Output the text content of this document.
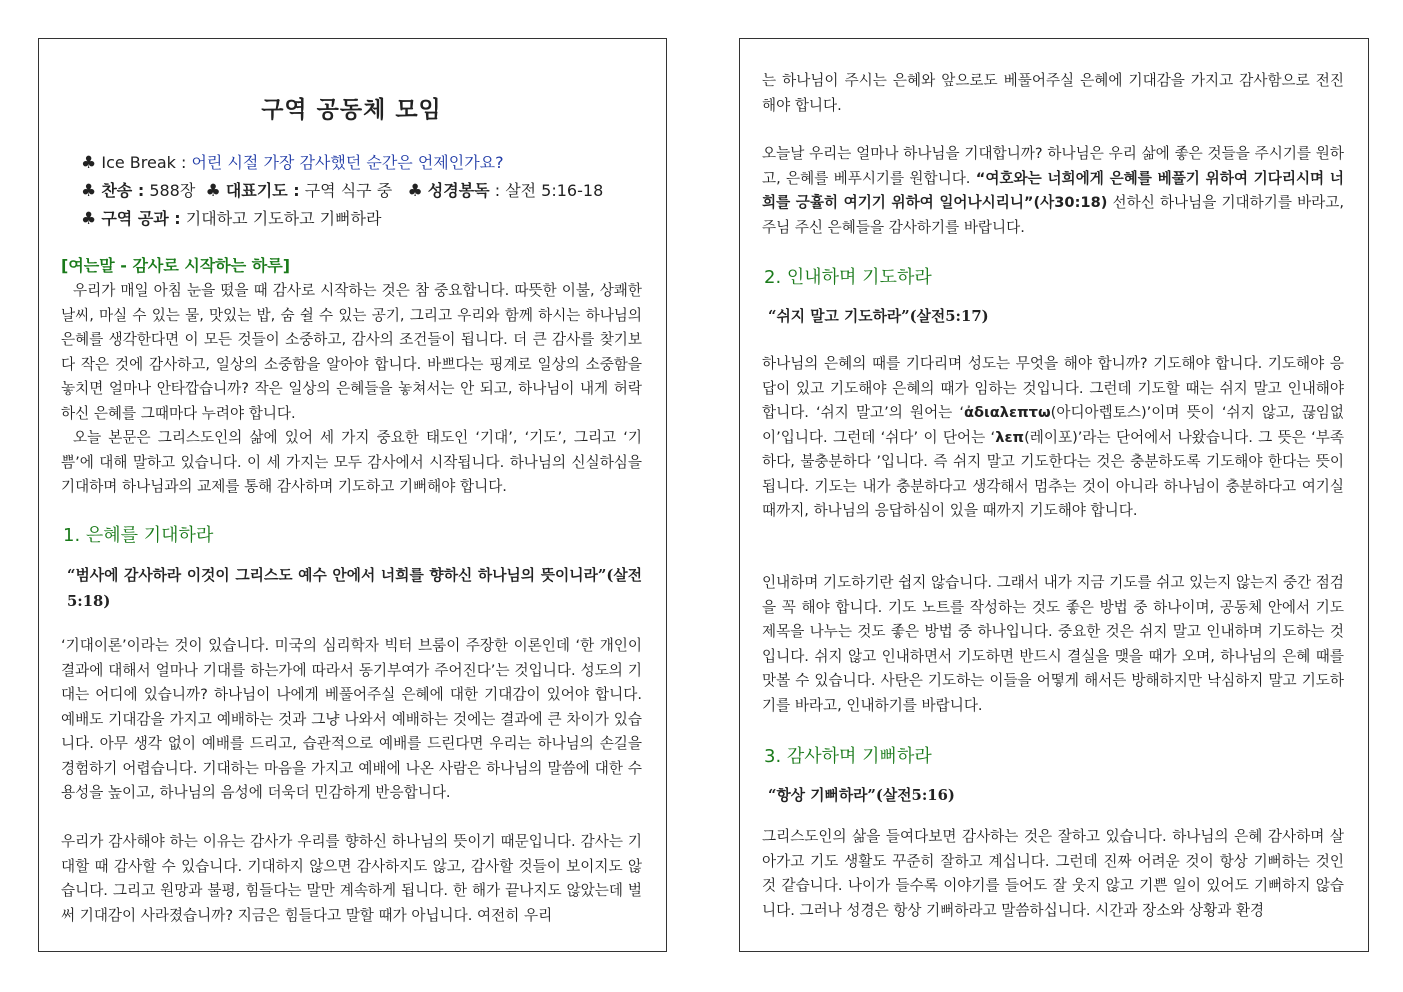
구역 공동체 모임
♣ Ice Break : 어린 시절 가장 감사했던 순간은 언제인가요?
♣ 찬송 : 588장 ♣ 대표기도 : 구역 식구 중 ♣ 성경봉독 : 살전 5:16-18
♣ 구역 공과 : 기대하고 기도하고 기뻐하라
[여는말 - 감사로 시작하는 하루]

우리가 매일 아침 눈을 떴을 때 감사로 시작하는 것은 참 중요합니다. 따뜻한 이불, 상쾌한 날씨, 마실 수 있는 물, 맛있는 밥, 숨 쉴 수 있는 공기, 그리고 우리와 함께 하시는 하나님의 은혜를 생각한다면 이 모든 것들이 소중하고, 감사의 조건들이 됩니다. 더 큰 감사를 찾기보다 작은 것에 감사하고, 일상의 소중함을 알아야 합니다. 바쁘다는 핑계로 일상의 소중함을 놓치면 얼마나 안타깝습니까? 작은 일상의 은혜들을 놓쳐서는 안 되고, 하나님이 내게 허락하신 은혜를 그때마다 누려야 합니다.

오늘 본문은 그리스도인의 삶에 있어 세 가지 중요한 태도인 ‘기대’, ‘기도’, 그리고 ‘기쁨’에 대해 말하고 있습니다. 이 세 가지는 모두 감사에서 시작됩니다. 하나님의 신실하심을 기대하며 하나님과의 교제를 통해 감사하며 기도하고 기뻐해야 합니다.

1. 은혜를 기대하라

“범사에 감사하라 이것이 그리스도 예수 안에서 너희를 향하신 하나님의 뜻이니라”(살전 5:18)

‘기대이론’이라는 것이 있습니다. 미국의 심리학자 빅터 브룸이 주장한 이론인데 ‘한 개인이 결과에 대해서 얼마나 기대를 하는가에 따라서 동기부여가 주어진다’는 것입니다. 성도의 기대는 어디에 있습니까? 하나님이 나에게 베풀어주실 은혜에 대한 기대감이 있어야 합니다. 예배도 기대감을 가지고 예배하는 것과 그냥 나와서 예배하는 것에는 결과에 큰 차이가 있습니다. 아무 생각 없이 예배를 드리고, 습관적으로 예배를 드린다면 우리는 하나님의 손길을 경험하기 어렵습니다. 기대하는 마음을 가지고 예배에 나온 사람은 하나님의 말씀에 대한 수용성을 높이고, 하나님의 음성에 더욱더 민감하게 반응합니다.

우리가 감사해야 하는 이유는 감사가 우리를 향하신 하나님의 뜻이기 때문입니다. 감사는 기대할 때 감사할 수 있습니다. 기대하지 않으면 감사하지도 않고, 감사할 것들이 보이지도 않습니다. 그리고 원망과 불평, 힘들다는 말만 계속하게 됩니다. 한 해가 끝나지도 않았는데 벌써 기대감이 사라졌습니까? 지금은 힘들다고 말할 때가 아닙니다. 여전히 우리

는 하나님이 주시는 은혜와 앞으로도 베풀어주실 은혜에 기대감을 가지고 감사함으로 전진해야 합니다.

오늘날 우리는 얼마나 하나님을 기대합니까? 하나님은 우리 삶에 좋은 것들을 주시기를 원하고, 은혜를 베푸시기를 원합니다. “여호와는 너희에게 은혜를 베풀기 위하여 기다리시며 너희를 긍휼히 여기기 위하여 일어나시리니”(사30:18) 선하신 하나님을 기대하기를 바라고, 주님 주신 은혜들을 감사하기를 바랍니다.

2. 인내하며 기도하라

“쉬지 말고 기도하라”(살전5:17)

하나님의 은혜의 때를 기다리며 성도는 무엇을 해야 합니까? 기도해야 합니다. 기도해야 응답이 있고 기도해야 은혜의 때가 임하는 것입니다. 그런데 기도할 때는 쉬지 말고 인내해야 합니다. ‘쉬지 말고’의 원어는 ‘ἀδιαλεπτω(아디아렙토스)’이며 뜻이 ‘쉬지 않고, 끊임없이’입니다. 그런데 ‘쉬다’ 이 단어는 ‘λεπ(레이포)’라는 단어에서 나왔습니다. 그 뜻은 ‘부족하다, 불충분하다 ’입니다. 즉 쉬지 말고 기도한다는 것은 충분하도록 기도해야 한다는 뜻이 됩니다. 기도는 내가 충분하다고 생각해서 멈추는 것이 아니라 하나님이 충분하다고 여기실 때까지, 하나님의 응답하심이 있을 때까지 기도해야 합니다.

인내하며 기도하기란 쉽지 않습니다. 그래서 내가 지금 기도를 쉬고 있는지 않는지 중간 점검을 꼭 해야 합니다. 기도 노트를 작성하는 것도 좋은 방법 중 하나이며, 공동체 안에서 기도 제목을 나누는 것도 좋은 방법 중 하나입니다. 중요한 것은 쉬지 말고 인내하며 기도하는 것입니다. 쉬지 않고 인내하면서 기도하면 반드시 결실을 맺을 때가 오며, 하나님의 은혜 때를 맛볼 수 있습니다. 사탄은 기도하는 이들을 어떻게 해서든 방해하지만 낙심하지 말고 기도하기를 바라고, 인내하기를 바랍니다.

3. 감사하며 기뻐하라

“항상 기뻐하라”(살전5:16)

그리스도인의 삶을 들여다보면 감사하는 것은 잘하고 있습니다. 하나님의 은혜 감사하며 살아가고 기도 생활도 꾸준히 잘하고 계십니다. 그런데 진짜 어려운 것이 항상 기뻐하는 것인 것 같습니다. 나이가 들수록 이야기를 들어도 잘 웃지 않고 기쁜 일이 있어도 기뻐하지 않습니다. 그러나 성경은 항상 기뻐하라고 말씀하십니다. 시간과 장소와 상황과 환경
